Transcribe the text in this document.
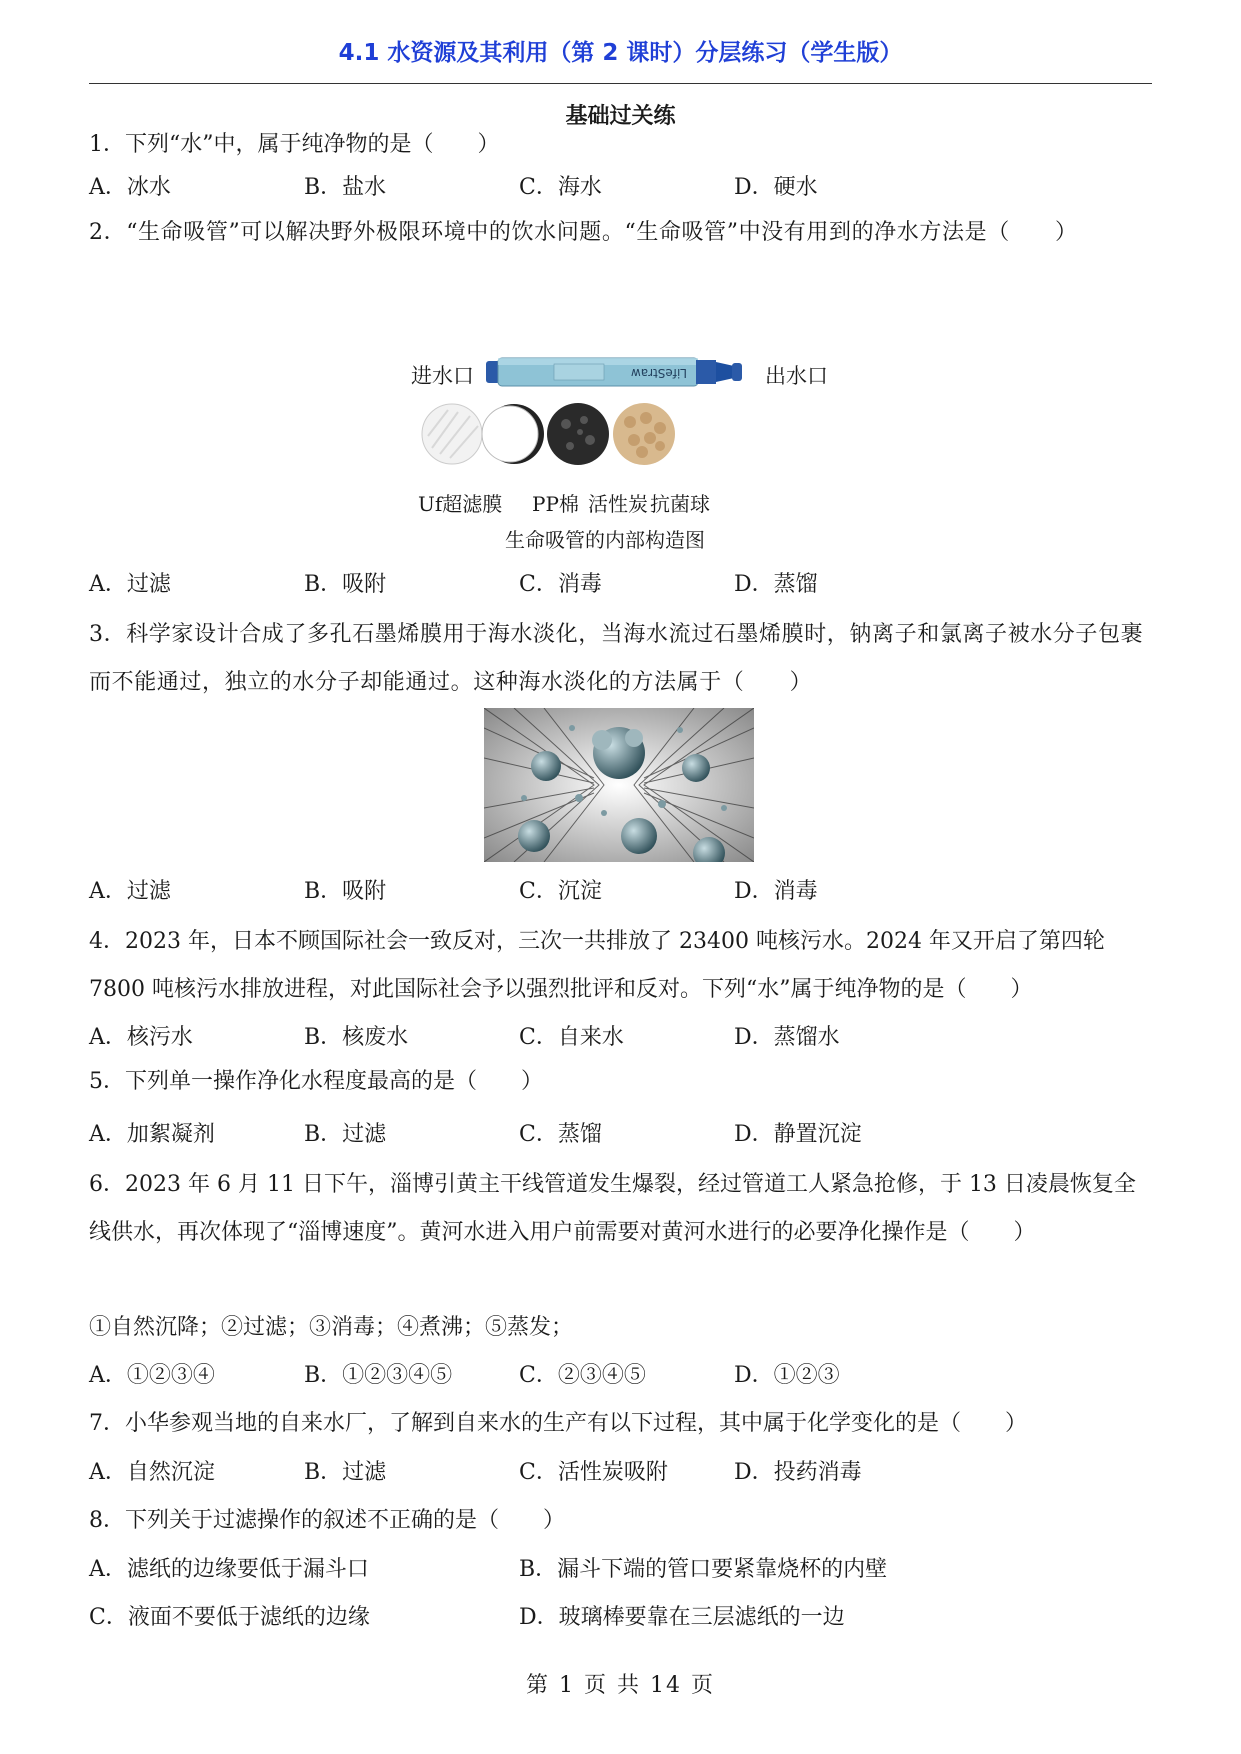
4.1 水资源及其利用（第 2 课时）分层练习（学生版）
基础过关练
1．下列“水”中，属于纯净物的是（　　）
A．冰水	B．盐水	C．海水	D．硬水
2．“生命吸管”可以解决野外极限环境中的饮水问题。“生命吸管”中没有用到的净水方法是（　　）
进水口	出水口
LifeStraw
Uf超滤膜 PP棉 活性炭 抗菌球
生命吸管的内部构造图
A．过滤	B．吸附	C．消毒	D．蒸馏
3．科学家设计合成了多孔石墨烯膜用于海水淡化，当海水流过石墨烯膜时，钠离子和氯离子被水分子包裹而不能通过，独立的水分子却能通过。这种海水淡化的方法属于（　　）
A．过滤	B．吸附	C．沉淀	D．消毒
4．2023 年，日本不顾国际社会一致反对，三次一共排放了 23400 吨核污水。2024 年又开启了第四轮 7800 吨核污水排放进程，对此国际社会予以强烈批评和反对。下列“水”属于纯净物的是（　　）
A．核污水	B．核废水	C．自来水	D．蒸馏水
5．下列单一操作净化水程度最高的是（　　）
A．加絮凝剂	B．过滤	C．蒸馏	D．静置沉淀
6．2023 年 6 月 11 日下午，淄博引黄主干线管道发生爆裂，经过管道工人紧急抢修，于 13 日凌晨恢复全线供水，再次体现了“淄博速度”。黄河水进入用户前需要对黄河水进行的必要净化操作是（　　）
①自然沉降；②过滤；③消毒；④煮沸；⑤蒸发；
A．①②③④	B．①②③④⑤	C．②③④⑤	D．①②③
7．小华参观当地的自来水厂，了解到自来水的生产有以下过程，其中属于化学变化的是（　　）
A．自然沉淀	B．过滤	C．活性炭吸附	D．投药消毒
8．下列关于过滤操作的叙述不正确的是（　　）
A．滤纸的边缘要低于漏斗口	B．漏斗下端的管口要紧靠烧杯的内壁
C．液面不要低于滤纸的边缘	D．玻璃棒要靠在三层滤纸的一边
第 1 页 共 14 页
